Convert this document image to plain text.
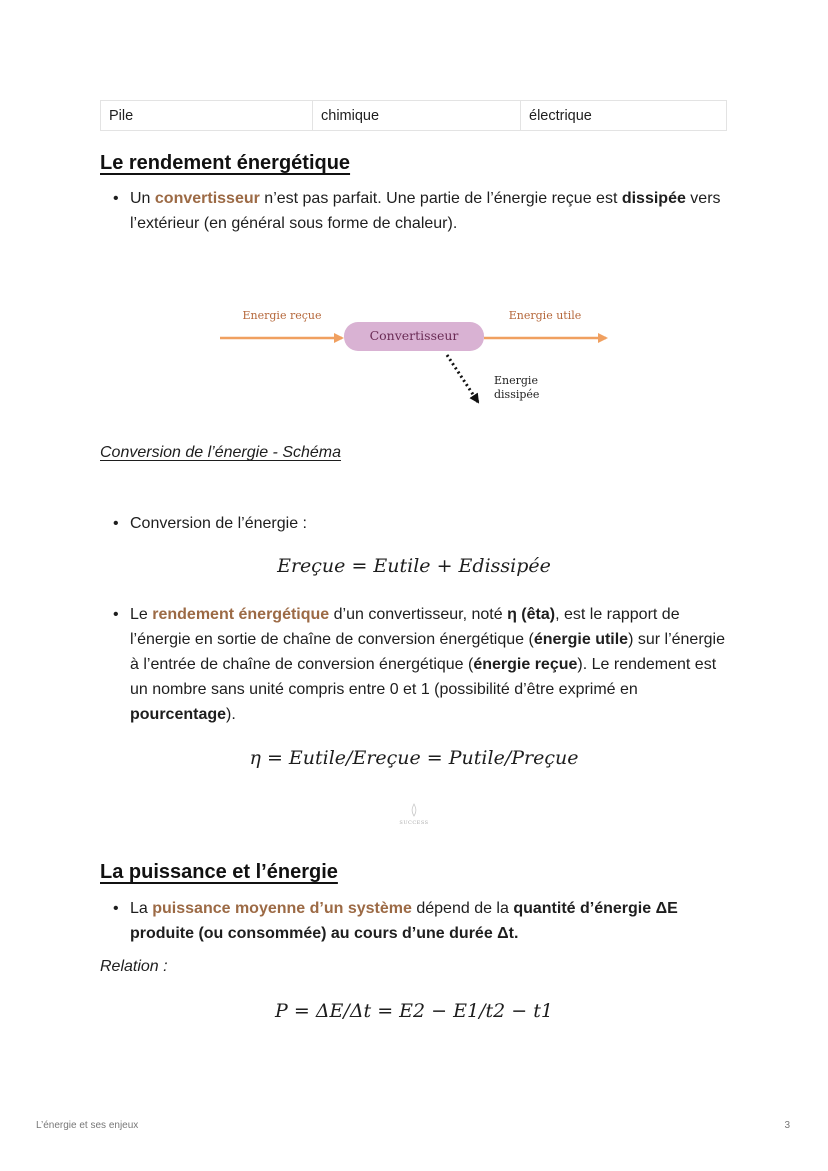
Pile	chimique	électrique
Le rendement énergétique
• Un convertisseur n’est pas parfait. Une partie de l’énergie reçue est dissipée vers l’extérieur (en général sous forme de chaleur).

Energie reçue	Energie utile
Convertisseur
Energie
dissipée
Conversion de l’énergie - Schéma
• Conversion de l’énergie :

Ereçue = Eutile + Edissipée
• Le rendement énergétique d’un convertisseur, noté η (êta), est le rapport de l’énergie en sortie de chaîne de conversion énergétique (énergie utile) sur l’énergie à l’entrée de chaîne de conversion énergétique (énergie reçue). Le rendement est un nombre sans unité compris entre 0 et 1 (possibilité d’être exprimé en pourcentage).

η = Eutile/Ereçue = Putile/Preçue
SUCCESS
La puissance et l’énergie
• La puissance moyenne d’un système dépend de la quantité d’énergie ΔE produite (ou consommée) au cours d’une durée Δt.

Relation :
P = ΔE/Δt = E2 − E1/t2 − t1
L’énergie et ses enjeux	3
